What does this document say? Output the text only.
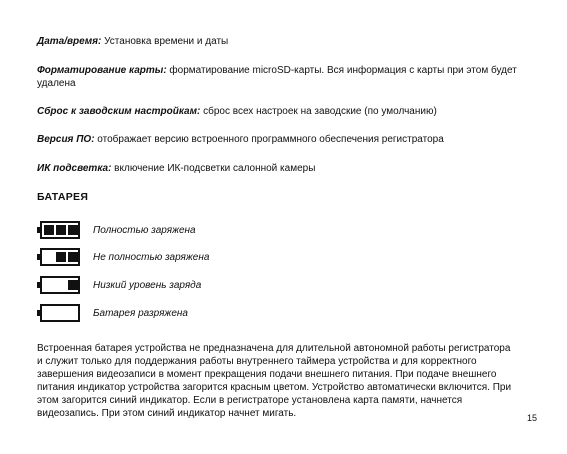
Дата/время: Установка времени и даты

Форматирование карты: форматирование microSD-карты. Вся информация с карты при этом будет удалена

Сброс к заводским настройкам: сброс всех настроек на заводские (по умолчанию)

Версия ПО: отображает версию встроенного программного обеспечения регистратора

ИК подсветка: включение ИК-подсветки салонной камеры

БАТАРЕЯ
Полностью заряжена
Не полностью заряжена
Низкий уровень заряда
Батарея разряжена

Встроенная батарея устройства не предназначена для длительной автономной работы регистратора и служит только для поддержания работы внутреннего таймера устройства и для корректного завершения видеозаписи в момент прекращения подачи внешнего питания. При подаче внешнего питания индикатор устройства загорится красным цветом. Устройство автоматически включится. При этом загорится синий индикатор. Если в регистраторе установлена карта памяти, начнется видеозапись. При этом синий индикатор начнет мигать.	15
